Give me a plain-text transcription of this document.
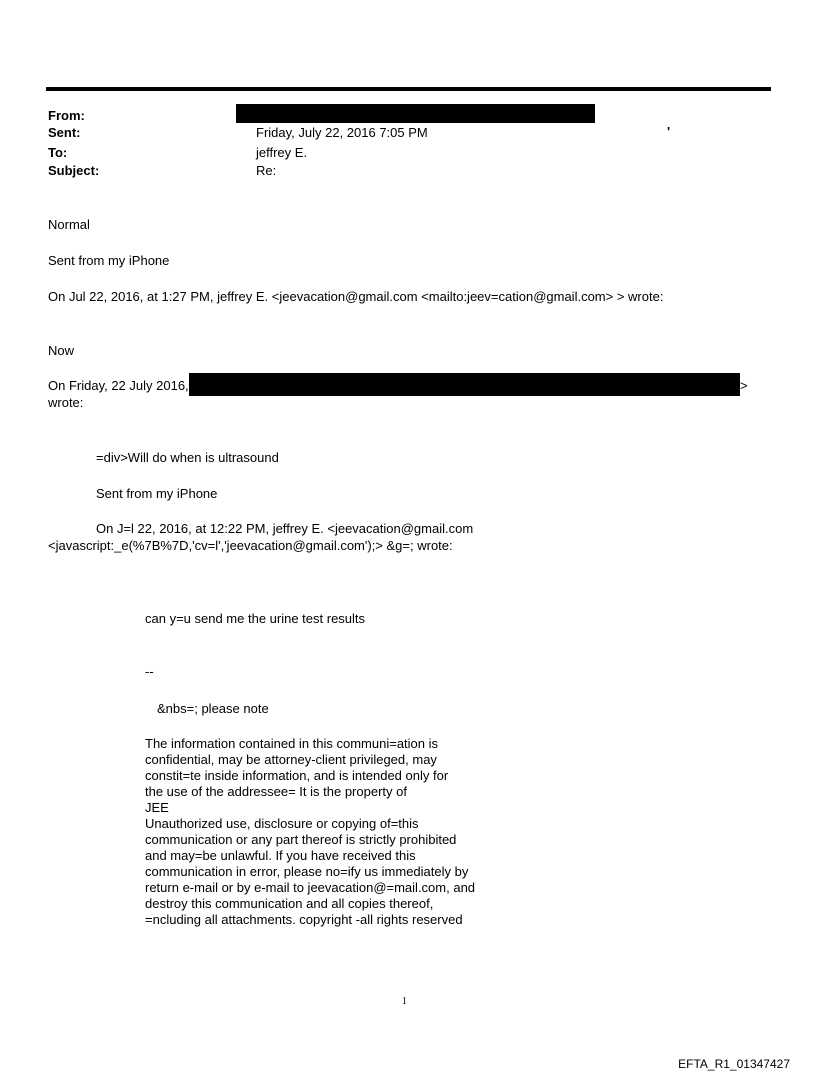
From:
Sent:	Friday, July 22, 2016 7:05 PM	'
To:	jeffrey E.
Subject:	Re:
Normal
Sent from my iPhone
On Jul 22, 2016, at 1:27 PM, jeffrey E. <jeevacation@gmail.com <mailto:jeev=cation@gmail.com> > wrote:
Now
On Friday, 22 July 2016,	>
wrote:
=div>Will do when is ultrasound
Sent from my iPhone
On J=l 22, 2016, at 12:22 PM, jeffrey E. <jeevacation@gmail.com
<javascript:_e(%7B%7D,'cv=l','jeevacation@gmail.com');> &g=; wrote:
can y=u send me the urine test results
--
&nbs=; please note
The information contained in this communi=ation is
confidential, may be attorney-client privileged, may
constit=te inside information, and is intended only for
the use of the addressee= It is the property of
JEE
Unauthorized use, disclosure or copying of=this
communication or any part thereof is strictly prohibited
and may=be unlawful. If you have received this
communication in error, please no=ify us immediately by
return e-mail or by e-mail to jeevacation@=mail.com, and
destroy this communication and all copies thereof,
=ncluding all attachments. copyright -all rights reserved
1
EFTA_R1_01347427
